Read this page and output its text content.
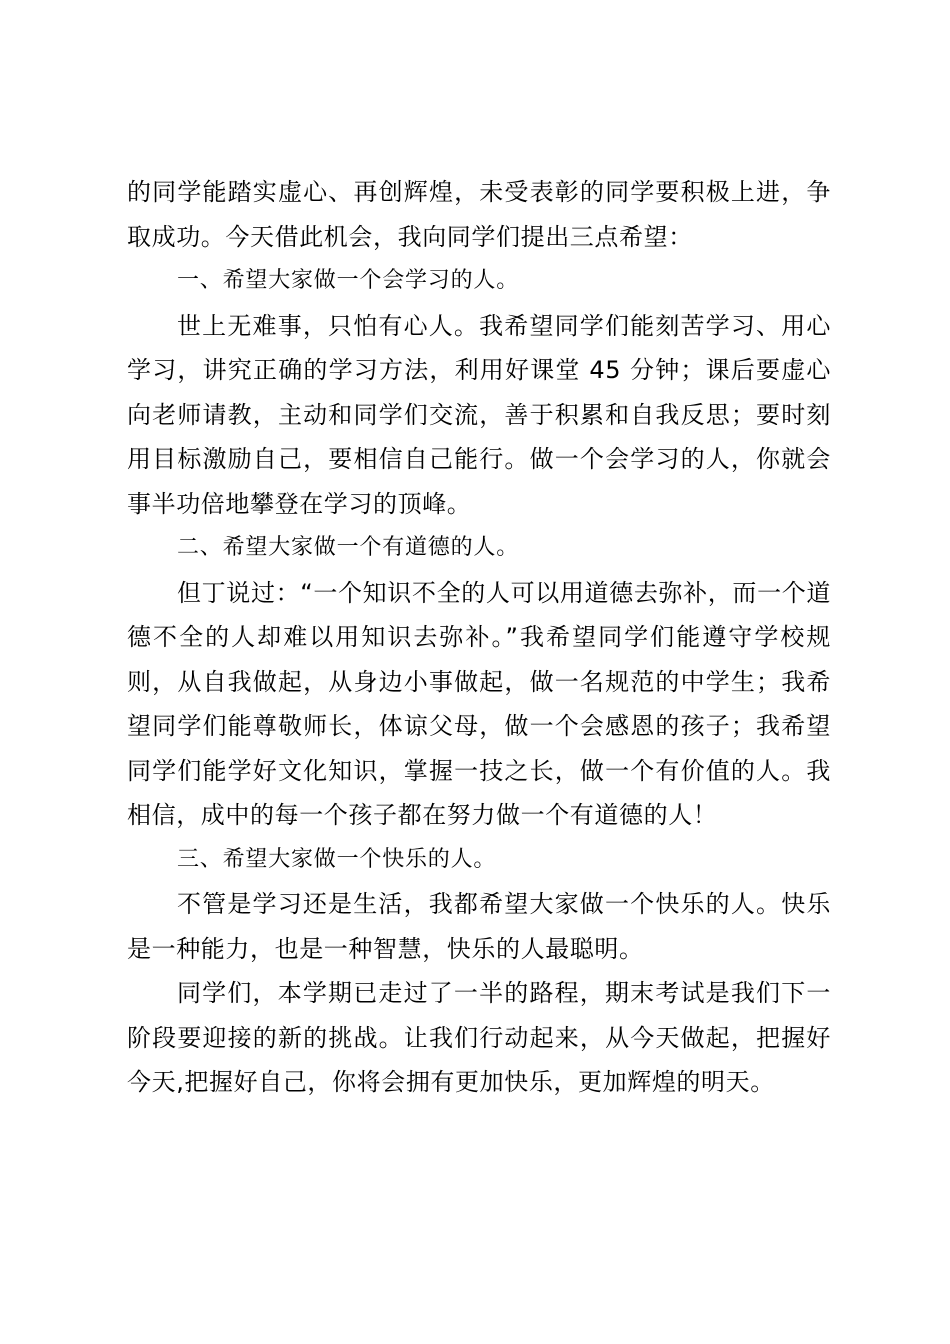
的同学能踏实虚心、再创辉煌，未受表彰的同学要积极上进，争取成功。今天借此机会，我向同学们提出三点希望：

一、希望大家做一个会学习的人。

世上无难事，只怕有心人。我希望同学们能刻苦学习、用心学习，讲究正确的学习方法，利用好课堂 45 分钟；课后要虚心向老师请教，主动和同学们交流，善于积累和自我反思；要时刻用目标激励自己，要相信自己能行。做一个会学习的人，你就会事半功倍地攀登在学习的顶峰。

二、希望大家做一个有道德的人。

但丁说过：“一个知识不全的人可以用道德去弥补，而一个道德不全的人却难以用知识去弥补。”我希望同学们能遵守学校规则，从自我做起，从身边小事做起，做一名规范的中学生；我希望同学们能尊敬师长，体谅父母，做一个会感恩的孩子；我希望同学们能学好文化知识，掌握一技之长，做一个有价值的人。我相信，成中的每一个孩子都在努力做一个有道德的人！

三、希望大家做一个快乐的人。

不管是学习还是生活，我都希望大家做一个快乐的人。快乐是一种能力，也是一种智慧，快乐的人最聪明。

同学们，本学期已走过了一半的路程，期末考试是我们下一阶段要迎接的新的挑战。让我们行动起来，从今天做起，把握好今天,把握好自己，你将会拥有更加快乐，更加辉煌的明天。
